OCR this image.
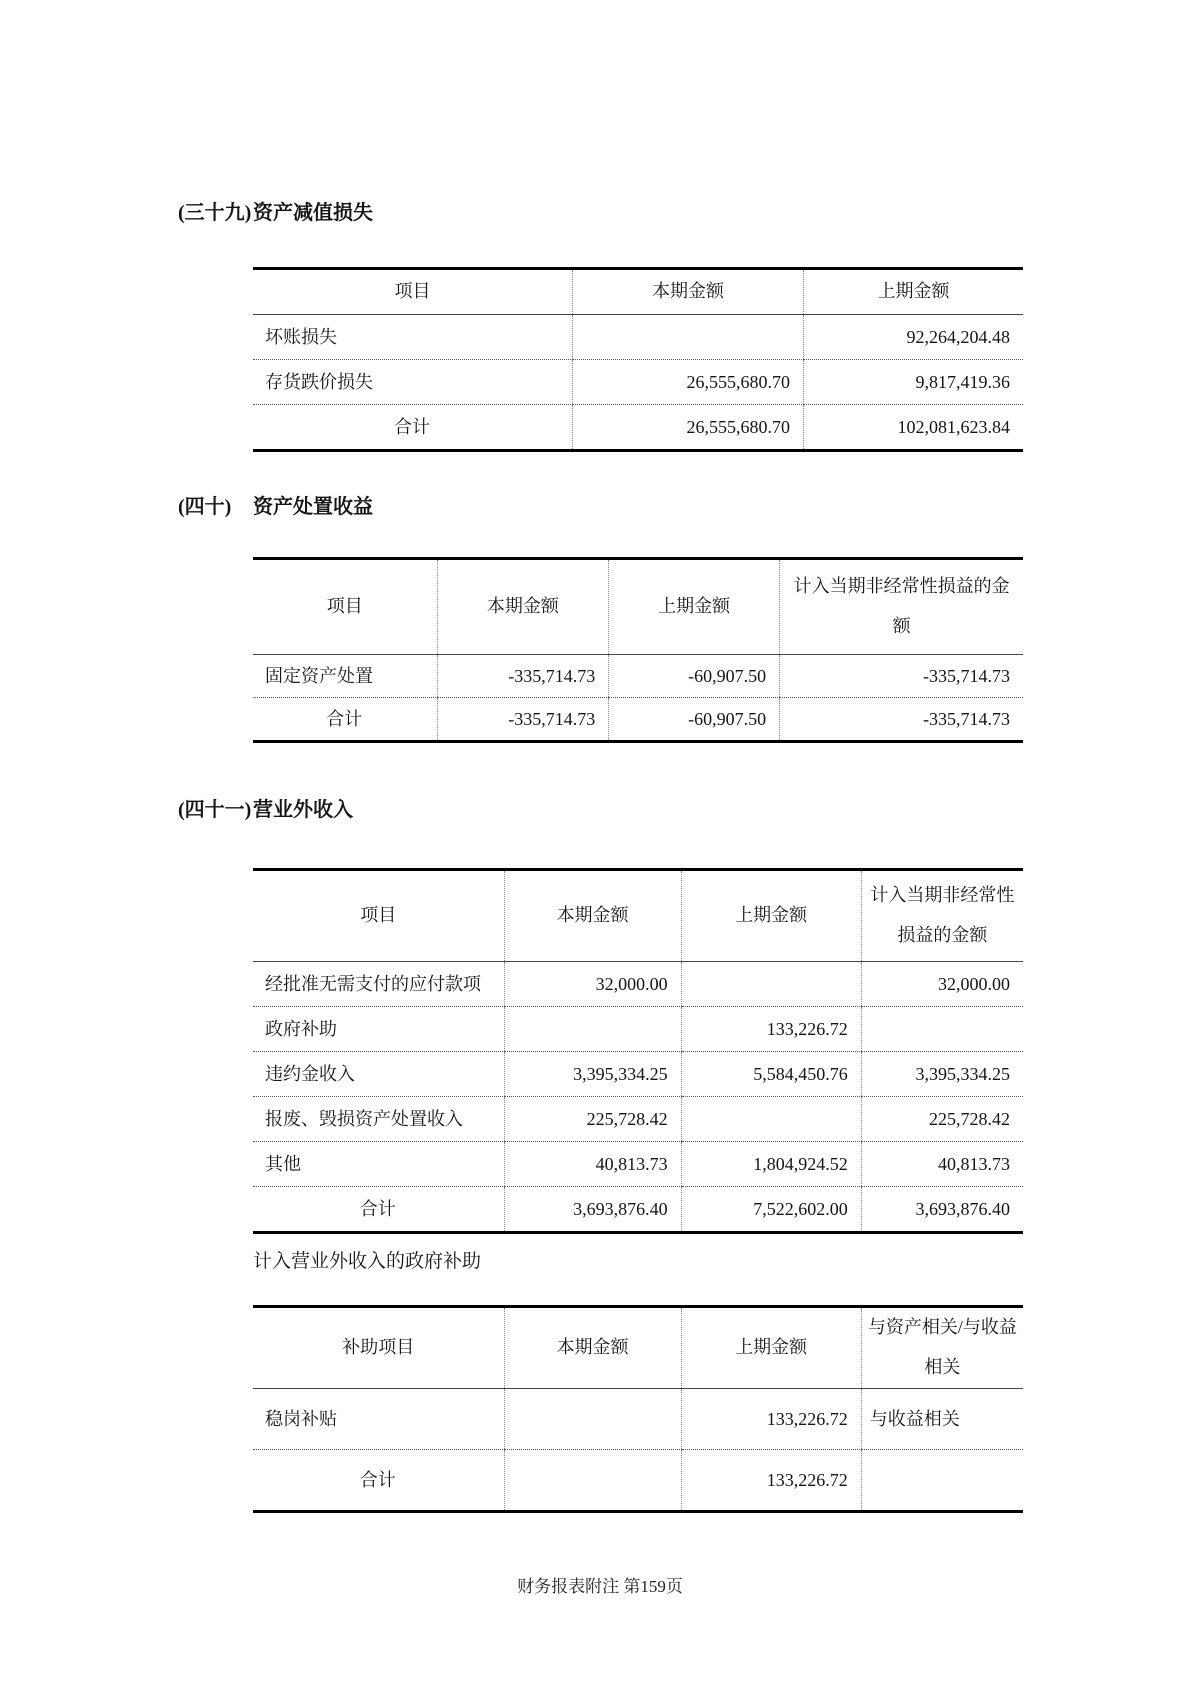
(三十九)资产减值损失
项目	本期金额	上期金额
坏账损失		92,264,204.48
存货跌价损失	26,555,680.70	9,817,419.36
合计	26,555,680.70	102,081,623.84
(四十) 资产处置收益
项目	本期金额	上期金额	计入当期非经常性损益的金额
固定资产处置	-335,714.73	-60,907.50	-335,714.73
合计	-335,714.73	-60,907.50	-335,714.73
(四十一)营业外收入
项目	本期金额	上期金额	计入当期非经常性损益的金额
经批准无需支付的应付款项	32,000.00		32,000.00
政府补助		133,226.72	
违约金收入	3,395,334.25	5,584,450.76	3,395,334.25
报废、毁损资产处置收入	225,728.42		225,728.42
其他	40,813.73	1,804,924.52	40,813.73
合计	3,693,876.40	7,522,602.00	3,693,876.40
计入营业外收入的政府补助
补助项目	本期金额	上期金额	与资产相关/与收益相关
稳岗补贴		133,226.72	与收益相关
合计		133,226.72	
财务报表附注 第159页
